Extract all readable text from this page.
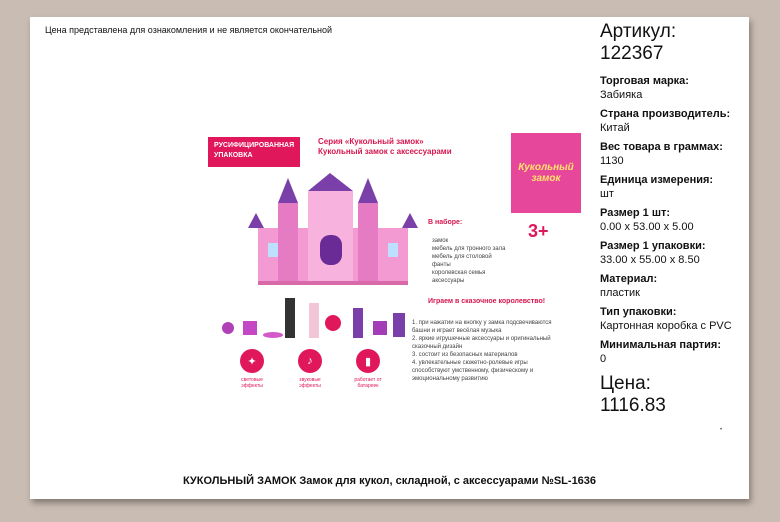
Цена представлена для ознакомления и не является окончательной
РУСИФИЦИРОВАННАЯ УПАКОВКА
Серия «Кукольный замок»
Кукольный замок с аксессуарами
Кукольный замок
3+
В наборе:
замок
мебель для тронного зала
мебель для столовой
фанты
королевская семья
аксессуары
Играем в сказочное королевство!
1. при нажатии на кнопку у замка подсвечиваются башни и играет весёлая музыка
2. яркие игрушечные аксессуары и оригинальный сказочный дизайн
3. состоит из безопасных материалов
4. увлекательные сюжетно-ролевые игры способствуют умственному, физическому и эмоциональному развитию
✦
световые эффекты
♪
звуковые эффекты
▮
работает от батареек
Артикул:
122367
Торговая марка:
Забияка
Страна производитель:
Китай
Вес товара в граммах:
1130
Единица измерения:
шт
Размер 1 шт:
0.00 x 53.00 x 5.00
Размер 1 упаковки:
33.00 x 55.00 x 8.50
Материал:
пластик
Тип упаковки:
Картонная коробка с PVC
Минимальная партия:
0
Цена:
1116.83
•
КУКОЛЬНЫЙ ЗАМОК Замок для кукол, складной, с аксессуарами №SL-1636
